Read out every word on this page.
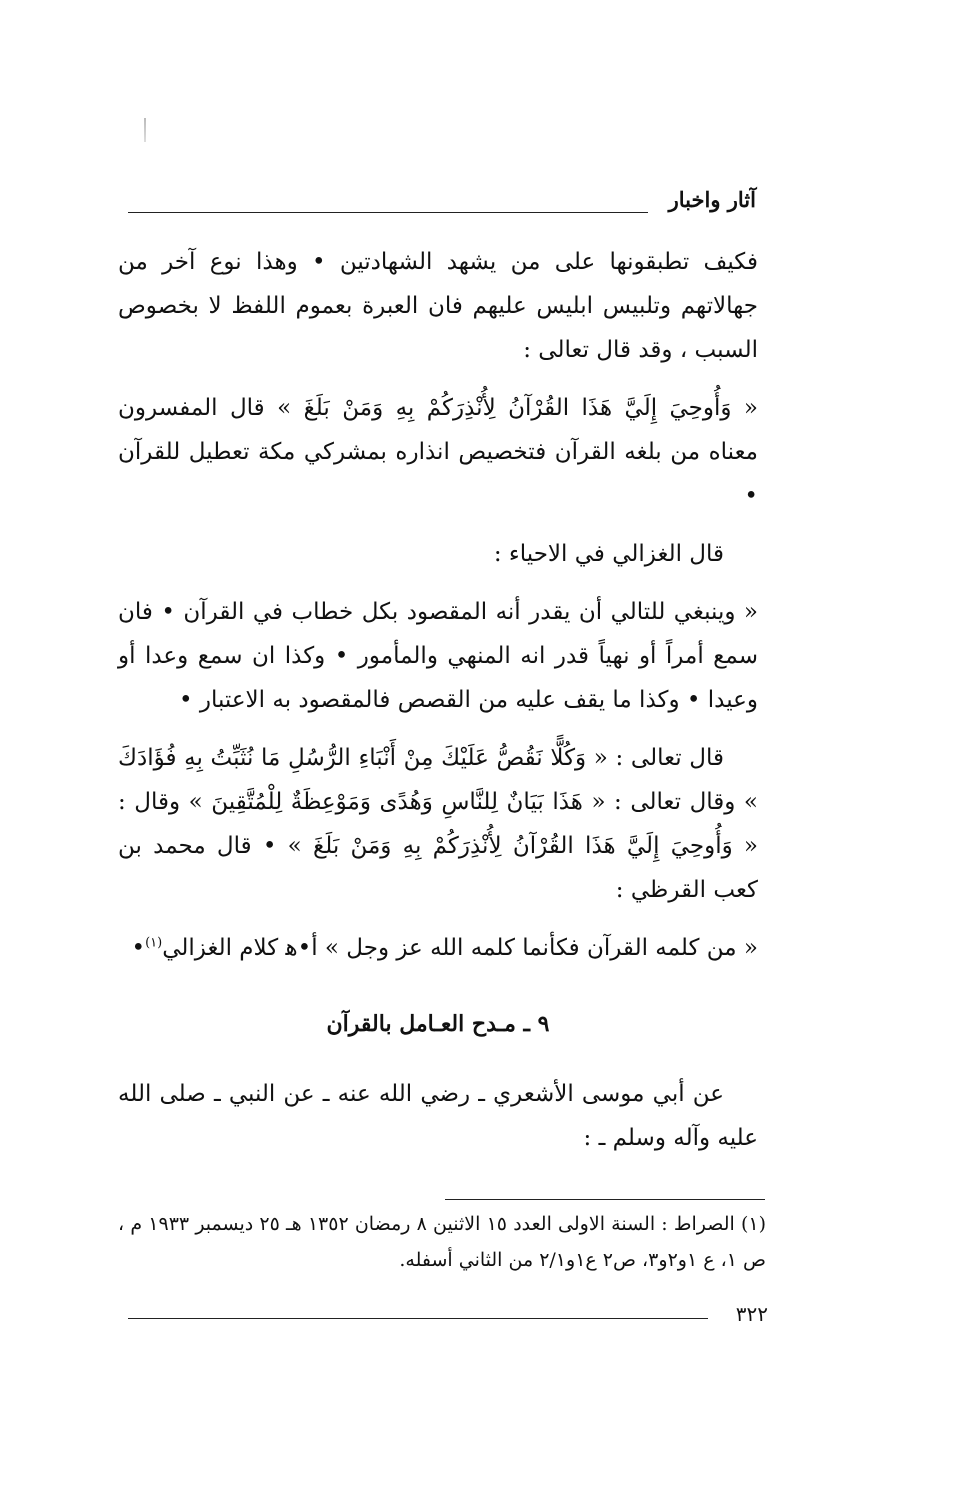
آثار واخبار

فكيف تطبقونها على من يشهد الشهادتين • وهذا نوع آخر من جهالاتهم وتلبيس ابليس عليهم فان العبرة بعموم اللفظ لا بخصوص السبب ، وقد قال تعالى :

« وَأُوحِيَ إِلَيَّ هَذَا القُرْآنُ لِأُنْذِرَكُمْ بِهِ وَمَنْ بَلَغَ » قال المفسرون معناه من بلغه القرآن فتخصيص انذاره بمشركي مكة تعطيل للقرآن •

قال الغزالي في الاحياء :

« وينبغي للتالي أن يقدر أنه المقصود بكل خطاب في القرآن • فان سمع أمراً أو نهياً قدر انه المنهي والمأمور • وكذا ان سمع وعدا أو وعيدا • وكذا ما يقف عليه من القصص فالمقصود به الاعتبار •

قال تعالى : « وَكُلًّا نَقُصُّ عَلَيْكَ مِنْ أَنْبَاءِ الرُّسُلِ مَا نُثَبِّتُ بِهِ فُؤَادَكَ » وقال تعالى : « هَذَا بَيَانٌ لِلنَّاسِ وَهُدًى وَمَوْعِظَةٌ لِلْمُتَّقِينَ » وقال : « وَأُوحِيَ إِلَيَّ هَذَا القُرْآنُ لِأُنْذِرَكُمْ بِهِ وَمَنْ بَلَغَ » • قال محمد بن كعب القرظي :

« من كلمه القرآن فكأنما كلمه الله عز وجل » أ•ﻫ كلام الغزالي$^{(١)}$•

٩ ـ مـدح العـامل بالقرآن

عن أبي موسى الأشعري ـ رضي الله عنه ـ عن النبي ـ صلى الله عليه وآله وسلم ـ :

(١) الصراط : السنة الاولى العدد ١٥ الاثنين ٨ رمضان ١٣٥٢ هـ ٢٥ ديسمبر ١٩٣٣ م ، ص ١، ع ١و٢و٣، ص٢ ع١و٢/١ من الثاني أسفله.
٣٢٢
